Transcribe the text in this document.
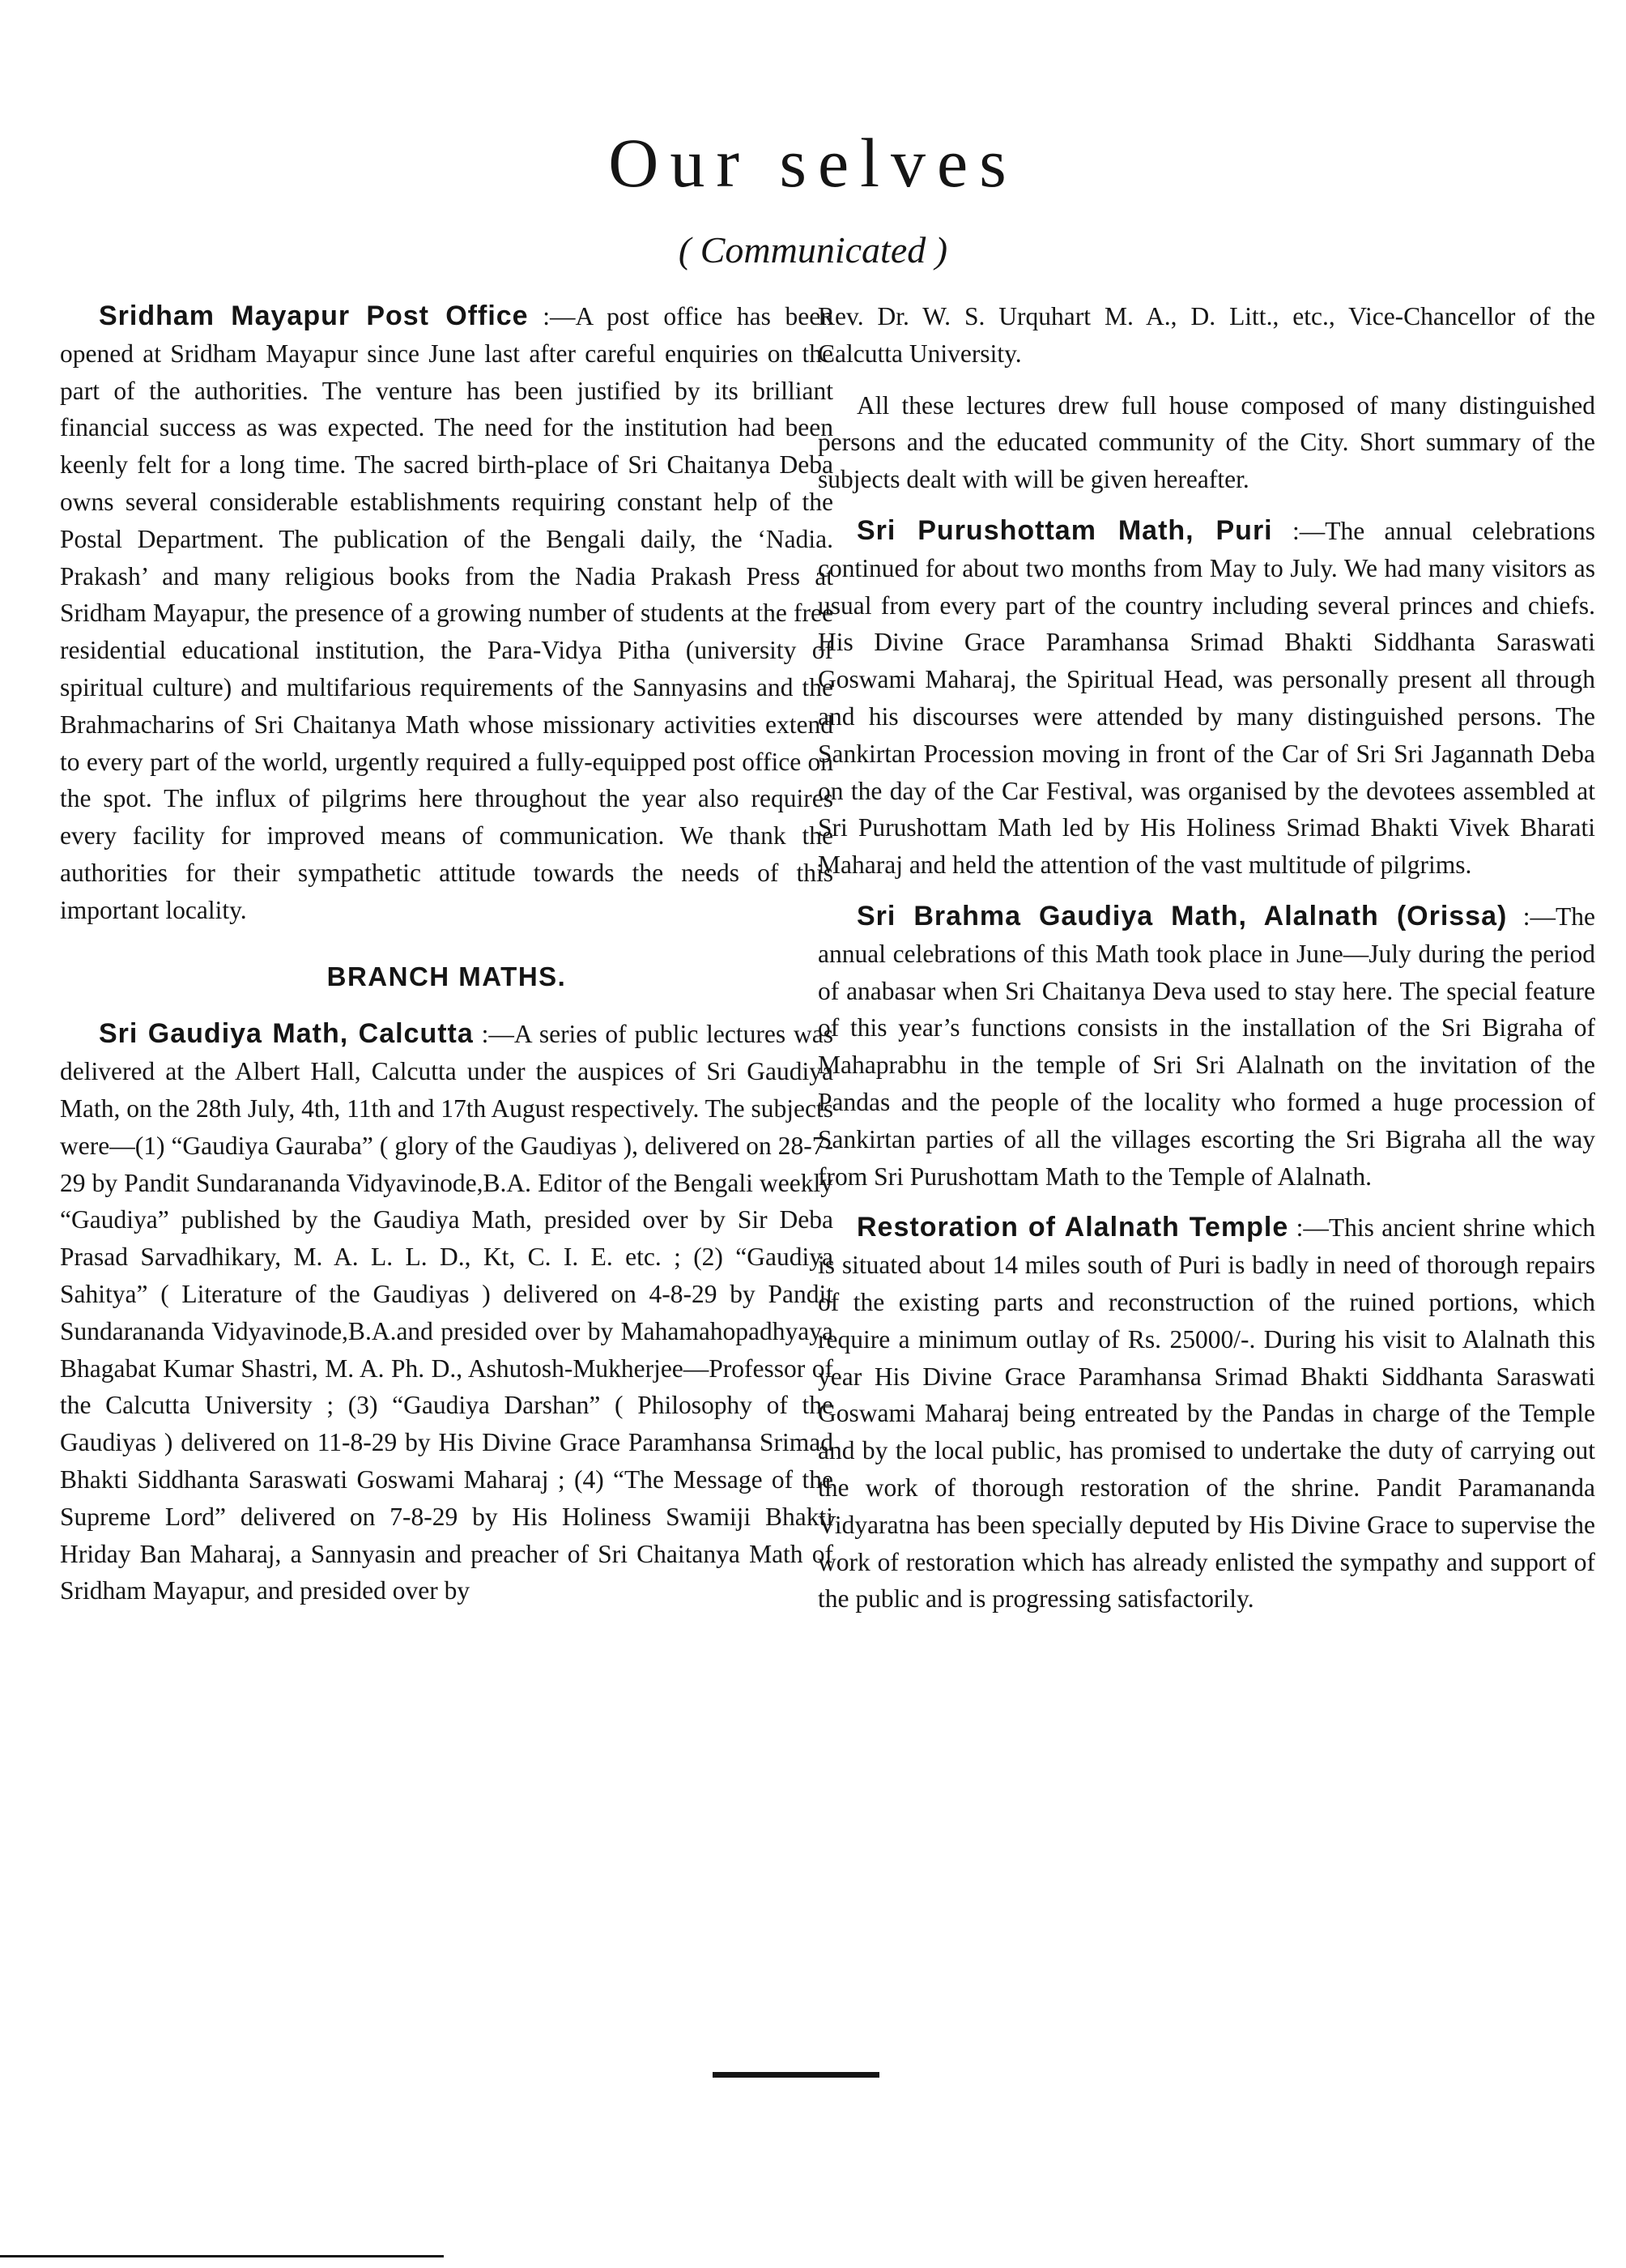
Our selves
( Communicated )

Sridham Mayapur Post Office :—A post office has been opened at Sridham Mayapur since June last after careful enquiries on the part of the authorities. The venture has been justified by its brilliant financial success as was expected. The need for the institution had been keenly felt for a long time. The sacred birth-place of Sri Chaitanya Deba owns several considerable establishments requiring constant help of the Postal Department. The publication of the Bengali daily, the ‘Nadia. Prakash’ and many religious books from the Nadia Prakash Press at Sridham Mayapur, the presence of a growing number of students at the free residential educational institution, the Para-Vidya Pitha (university of spiritual culture) and multifarious requirements of the Sannyasins and the Brahmacharins of Sri Chaitanya Math whose missionary activities extend to every part of the world, urgently required a fully-equipped post office on the spot. The influx of pilgrims here throughout the year also requires every facility for improved means of communication. We thank the authorities for their sympathetic attitude towards the needs of this important locality.

BRANCH MATHS.

Sri Gaudiya Math, Calcutta :—A series of public lectures was delivered at the Albert Hall, Calcutta under the auspices of Sri Gaudiya Math, on the 28th July, 4th, 11th and 17th August respectively. The subjects were—(1) “Gaudiya Gauraba” ( glory of the Gaudiyas ), delivered on 28-7-29 by Pandit Sundarananda Vidyavinode,B.A. Editor of the Bengali weekly “Gaudiya” published by the Gaudiya Math, presided over by Sir Deba Prasad Sarvadhikary, M. A. L. L. D., Kt, C. I. E. etc. ; (2) “Gaudiya Sahitya” ( Literature of the Gaudiyas ) delivered on 4-8-29 by Pandit Sundarananda Vidyavinode,B.A.and presided over by Mahamahopadhyaya Bhagabat Kumar Shastri, M. A. Ph. D., Ashutosh-Mukherjee—Professor of the Calcutta University ; (3) “Gaudiya Darshan” ( Philosophy of the Gaudiyas ) delivered on 11-8-29 by His Divine Grace Paramhansa Srimad Bhakti Siddhanta Saraswati Goswami Maharaj ; (4) “The Message of the Supreme Lord” delivered on 7-8-29 by His Holiness Swamiji Bhakti Hriday Ban Maharaj, a Sannyasin and preacher of Sri Chaitanya Math of Sridham Mayapur, and presided over by

Rev. Dr. W. S. Urquhart M. A., D. Litt., etc., Vice-Chancellor of the Calcutta University.

All these lectures drew full house composed of many distinguished persons and the educated community of the City. Short summary of the subjects dealt with will be given hereafter.

Sri Purushottam Math, Puri :—The annual celebrations continued for about two months from May to July. We had many visitors as usual from every part of the country including several princes and chiefs. His Divine Grace Paramhansa Srimad Bhakti Siddhanta Saraswati Goswami Maharaj, the Spiritual Head, was personally present all through and his discourses were attended by many distinguished persons. The Sankirtan Procession moving in front of the Car of Sri Sri Jagannath Deba on the day of the Car Festival, was organised by the devotees assembled at Sri Purushottam Math led by His Holiness Srimad Bhakti Vivek Bharati Maharaj and held the attention of the vast multitude of pilgrims.

Sri Brahma Gaudiya Math, Alalnath (Orissa) :—The annual celebrations of this Math took place in June—July during the period of anabasar when Sri Chaitanya Deva used to stay here. The special feature of this year’s functions consists in the installation of the Sri Bigraha of Mahaprabhu in the temple of Sri Sri Alalnath on the invitation of the Pandas and the people of the locality who formed a huge procession of Sankirtan parties of all the villages escorting the Sri Bigraha all the way from Sri Purushottam Math to the Temple of Alalnath.

Restoration of Alalnath Temple :—This ancient shrine which is situated about 14 miles south of Puri is badly in need of thorough repairs of the existing parts and reconstruction of the ruined portions, which require a minimum outlay of Rs. 25000/-. During his visit to Alalnath this year His Divine Grace Paramhansa Srimad Bhakti Siddhanta Saraswati Goswami Maharaj being entreated by the Pandas in charge of the Temple and by the local public, has promised to undertake the duty of carrying out the work of thorough restoration of the shrine. Pandit Paramananda Vidyaratna has been specially deputed by His Divine Grace to supervise the work of restoration which has already enlisted the sympathy and support of the public and is progressing satisfactorily.
